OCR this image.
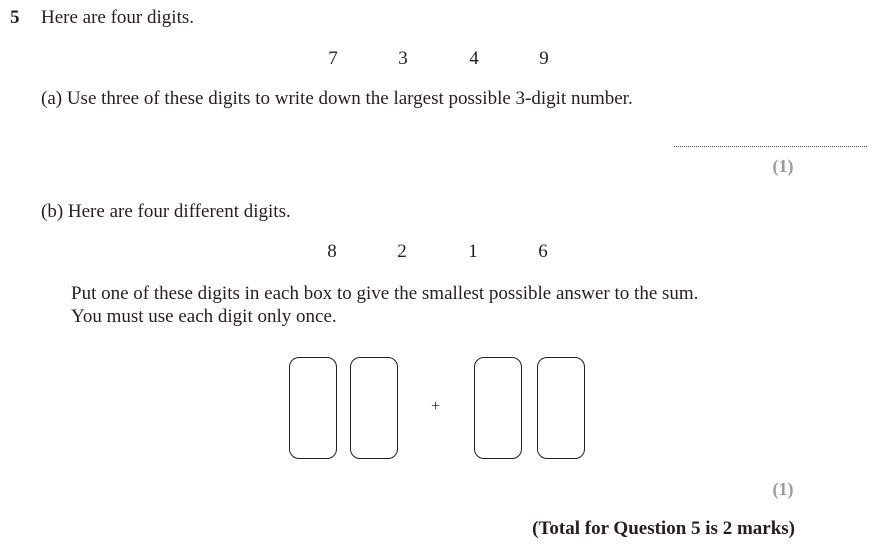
5 Here are four digits.
7	3	4	9
(a) Use three of these digits to write down the largest possible 3-digit number.
(1)
(b) Here are four different digits.
8	2	1	6
Put one of these digits in each box to give the smallest possible answer to the sum.
You must use each digit only once.
+
(1)
(Total for Question 5 is 2 marks)
